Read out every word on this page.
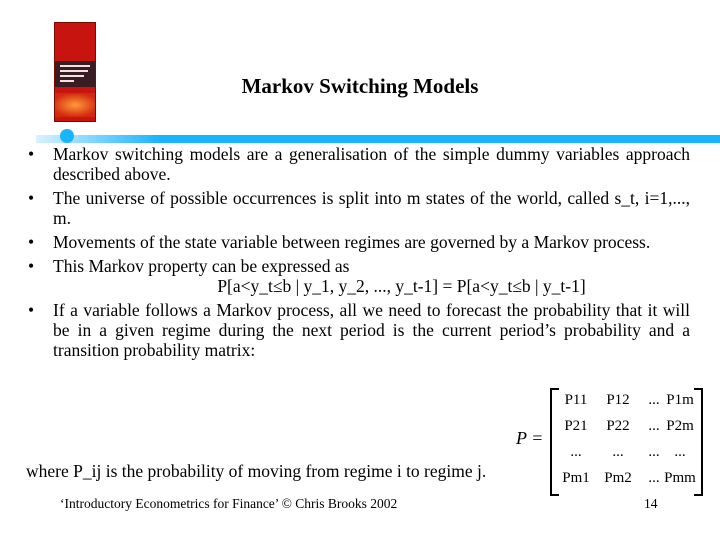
Markov Switching Models
• Markov switching models are a generalisation of the simple dummy variables approach described above.
• The universe of possible occurrences is split into m states of the world, called s_t, i=1,..., m.
• Movements of the state variable between regimes are governed by a Markov process.
• This Markov property can be expressed as
P[a<y_t≤b | y_1, y_2, ..., y_t-1] = P[a<y_t≤b | y_t-1]
• If a variable follows a Markov process, all we need to forecast the probability that it will be in a given regime during the next period is the current period’s probability and a transition probability matrix:
P =
P11	P12	... P1m
P21	P22	... P2m
...	...	... ...
Pm1 Pm2	... Pmm
where P_ij is the probability of moving from regime i to regime j.
‘Introductory Econometrics for Finance’ © Chris Brooks 2002	14
